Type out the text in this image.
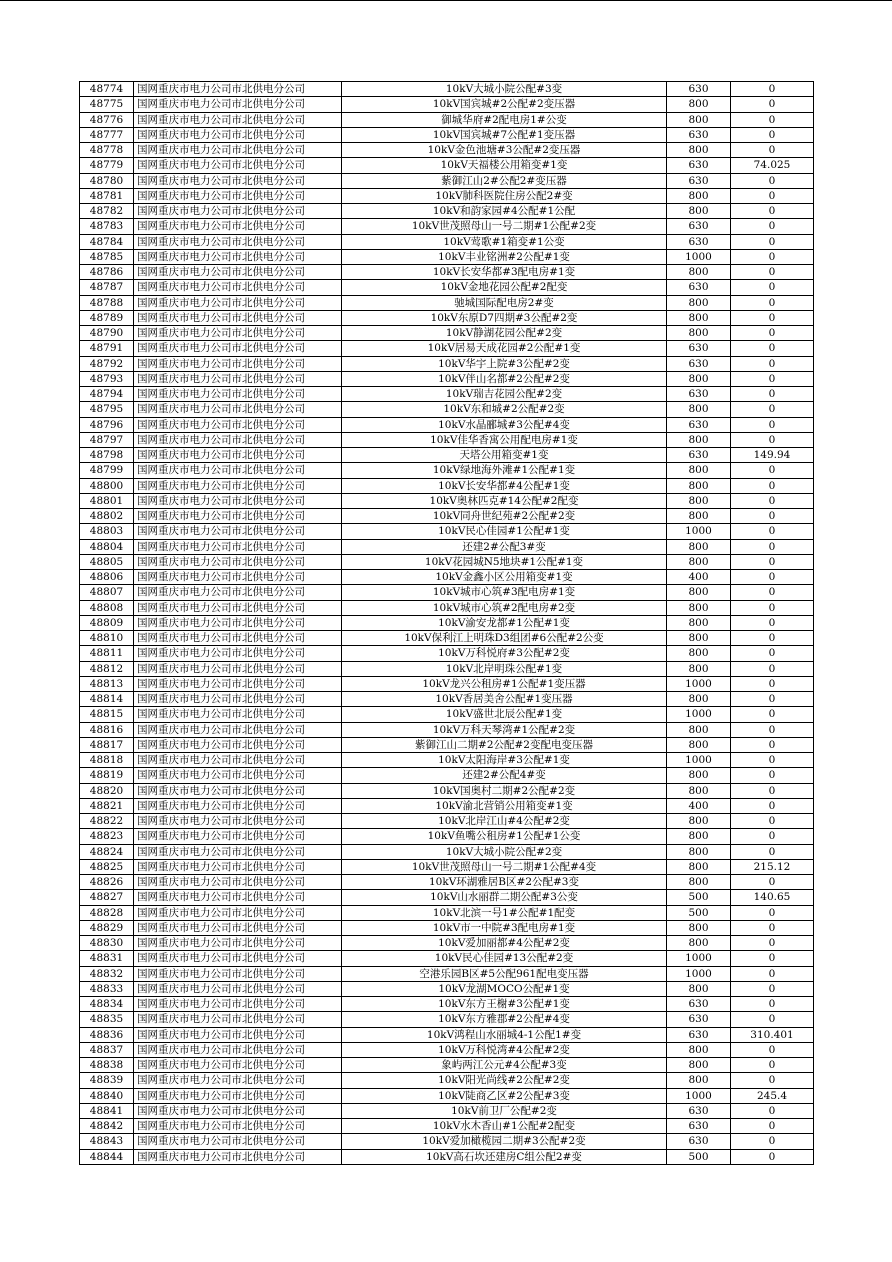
48774	国网重庆市电力公司市北供电分公司	10kV大城小院公配#3变	630	0
48775	国网重庆市电力公司市北供电分公司	10kV国宾城#2公配#2变压器	800	0
48776	国网重庆市电力公司市北供电分公司	御城华府#2配电房1#公变	800	0
48777	国网重庆市电力公司市北供电分公司	10kV国宾城#7公配#1变压器	630	0
48778	国网重庆市电力公司市北供电分公司	10kV金色池塘#3公配#2变压器	800	0
48779	国网重庆市电力公司市北供电分公司	10kV天福楼公用箱变#1变	630	74.025
48780	国网重庆市电力公司市北供电分公司	紫御江山2#公配2#变压器	630	0
48781	国网重庆市电力公司市北供电分公司	10kV肺科医院住房公配2#变	800	0
48782	国网重庆市电力公司市北供电分公司	10kV和韵家园#4公配#1公配	800	0
48783	国网重庆市电力公司市北供电分公司	10kV世茂照母山一号二期#1公配#2变	630	0
48784	国网重庆市电力公司市北供电分公司	10kV莺歌#1箱变#1公变	630	0
48785	国网重庆市电力公司市北供电分公司	10kV丰业铭洲#2公配#1变	1000	0
48786	国网重庆市电力公司市北供电分公司	10kV长安华都#3配电房#1变	800	0
48787	国网重庆市电力公司市北供电分公司	10kV金地花园公配#2配变	630	0
48788	国网重庆市电力公司市北供电分公司	驰城国际配电房2#变	800	0
48789	国网重庆市电力公司市北供电分公司	10kV东原D7四期#3公配#2变	800	0
48790	国网重庆市电力公司市北供电分公司	10kV静湖花园公配#2变	800	0
48791	国网重庆市电力公司市北供电分公司	10kV居易天成花园#2公配#1变	630	0
48792	国网重庆市电力公司市北供电分公司	10kV华宇上院#3公配#2变	630	0
48793	国网重庆市电力公司市北供电分公司	10kV伴山名都#2公配#2变	800	0
48794	国网重庆市电力公司市北供电分公司	10kV瑞吉花园公配#2变	630	0
48795	国网重庆市电力公司市北供电分公司	10kV东和城#2公配#2变	800	0
48796	国网重庆市电力公司市北供电分公司	10kV水晶郦城#3公配#4变	630	0
48797	国网重庆市电力公司市北供电分公司	10kV佳华香寓公用配电房#1变	800	0
48798	国网重庆市电力公司市北供电分公司	天塔公用箱变#1变	630	149.94
48799	国网重庆市电力公司市北供电分公司	10kV绿地海外滩#1公配#1变	800	0
48800	国网重庆市电力公司市北供电分公司	10kV长安华都#4公配#1变	800	0
48801	国网重庆市电力公司市北供电分公司	10kV奥林匹克#14公配#2配变	800	0
48802	国网重庆市电力公司市北供电分公司	10kV同舟世纪苑#2公配#2变	800	0
48803	国网重庆市电力公司市北供电分公司	10kV民心佳园#1公配#1变	1000	0
48804	国网重庆市电力公司市北供电分公司	还建2#公配3#变	800	0
48805	国网重庆市电力公司市北供电分公司	10kV花园城N5地块#1公配#1变	800	0
48806	国网重庆市电力公司市北供电分公司	10kV金鑫小区公用箱变#1变	400	0
48807	国网重庆市电力公司市北供电分公司	10kV城市心筑#3配电房#1变	800	0
48808	国网重庆市电力公司市北供电分公司	10kV城市心筑#2配电房#2变	800	0
48809	国网重庆市电力公司市北供电分公司	10kV渝安龙都#1公配#1变	800	0
48810	国网重庆市电力公司市北供电分公司	10kV保利江上明珠D3组团#6公配#2公变	800	0
48811	国网重庆市电力公司市北供电分公司	10kV万科悦府#3公配#2变	800	0
48812	国网重庆市电力公司市北供电分公司	10kV北岸明珠公配#1变	800	0
48813	国网重庆市电力公司市北供电分公司	10kV龙兴公租房#1公配#1变压器	1000	0
48814	国网重庆市电力公司市北供电分公司	10kV香居美舍公配#1变压器	800	0
48815	国网重庆市电力公司市北供电分公司	10kV盛世北辰公配#1变	1000	0
48816	国网重庆市电力公司市北供电分公司	10kV万科天琴湾#1公配#2变	800	0
48817	国网重庆市电力公司市北供电分公司	紫御江山二期#2公配#2变配电变压器	800	0
48818	国网重庆市电力公司市北供电分公司	10kV太阳海岸#3公配#1变	1000	0
48819	国网重庆市电力公司市北供电分公司	还建2#公配4#变	800	0
48820	国网重庆市电力公司市北供电分公司	10kV国奥村二期#2公配#2变	800	0
48821	国网重庆市电力公司市北供电分公司	10kV渝北营销公用箱变#1变	400	0
48822	国网重庆市电力公司市北供电分公司	10kV北岸江山#4公配#2变	800	0
48823	国网重庆市电力公司市北供电分公司	10kV鱼嘴公租房#1公配#1公变	800	0
48824	国网重庆市电力公司市北供电分公司	10kV大城小院公配#2变	800	0
48825	国网重庆市电力公司市北供电分公司	10kV世茂照母山一号二期#1公配#4变	800	215.12
48826	国网重庆市电力公司市北供电分公司	10kV环湖雅居B区#2公配#3变	800	0
48827	国网重庆市电力公司市北供电分公司	10kV山水丽群二期公配#3公变	500	140.65
48828	国网重庆市电力公司市北供电分公司	10kV北滨一号1#公配#1配变	500	0
48829	国网重庆市电力公司市北供电分公司	10kV市一中院#3配电房#1变	800	0
48830	国网重庆市电力公司市北供电分公司	10kV爱加丽都#4公配#2变	800	0
48831	国网重庆市电力公司市北供电分公司	10kV民心佳园#13公配#2变	1000	0
48832	国网重庆市电力公司市北供电分公司	空港乐园B区#5公配961配电变压器	1000	0
48833	国网重庆市电力公司市北供电分公司	10kV龙湖MOCO公配#1变	800	0
48834	国网重庆市电力公司市北供电分公司	10kV东方王榭#3公配#1变	630	0
48835	国网重庆市电力公司市北供电分公司	10kV东方雅郡#2公配#4变	630	0
48836	国网重庆市电力公司市北供电分公司	10kV鸿程山水丽城4-1公配1#变	630	310.401
48837	国网重庆市电力公司市北供电分公司	10kV万科悦湾#4公配#2变	800	0
48838	国网重庆市电力公司市北供电分公司	象屿两江公元#4公配#3变	800	0
48839	国网重庆市电力公司市北供电分公司	10kV阳光尚线#2公配#2变	800	0
48840	国网重庆市电力公司市北供电分公司	10kV陡商乙区#2公配#3变	1000	245.4
48841	国网重庆市电力公司市北供电分公司	10kV前卫厂公配#2变	630	0
48842	国网重庆市电力公司市北供电分公司	10kV水木香山#1公配#2配变	630	0
48843	国网重庆市电力公司市北供电分公司	10kV爱加橄榄园二期#3公配#2变	630	0
48844	国网重庆市电力公司市北供电分公司	10kV高石坎还建房C组公配2#变	500	0
